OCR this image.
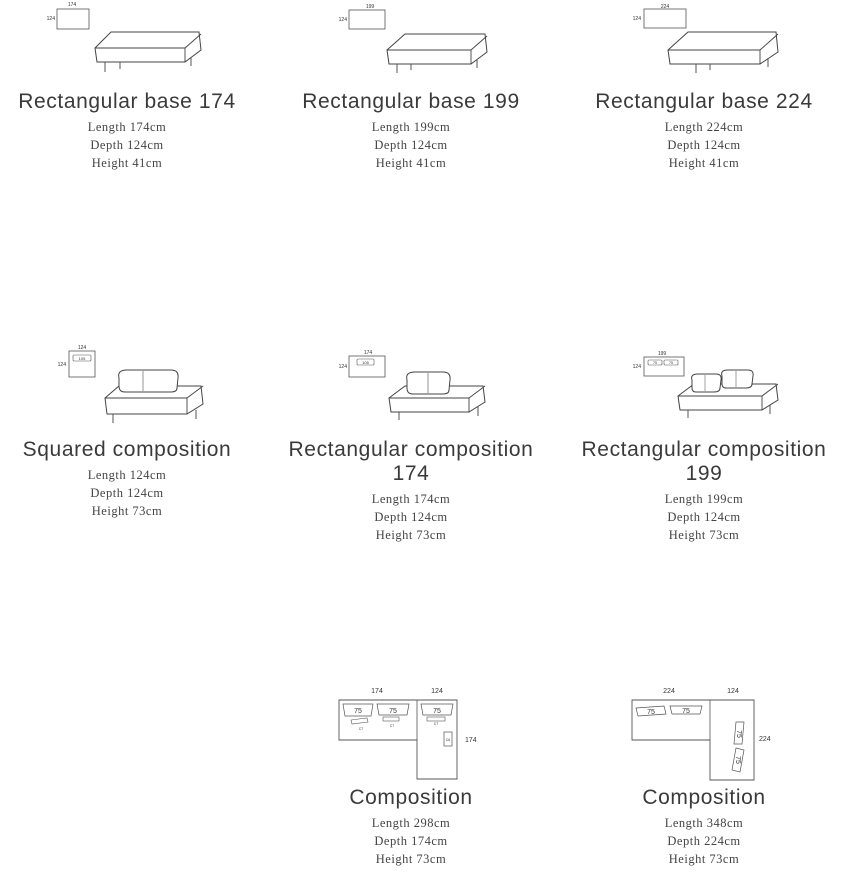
174
124

Rectangular base 174

Length 174cm
Depth 124cm
Height 41cm
199
124

Rectangular base 199

Length 199cm
Depth 124cm
Height 41cm
224
124

Rectangular base 224

Length 224cm
Depth 124cm
Height 41cm
124
124
105

Squared composition

Length 124cm
Depth 124cm
Height 73cm
174
124
105

Rectangular composition
174

Length 174cm
Depth 124cm
Height 73cm
199
124
75	75

Rectangular composition
199

Length 199cm
Depth 124cm
Height 73cm
174	124
174
75	75	75
C7
C7	C7
C6

Composition

Length 298cm
Depth 174cm
Height 73cm
224	124
224
75	75
75
75

Composition

Length 348cm
Depth 224cm
Height 73cm
